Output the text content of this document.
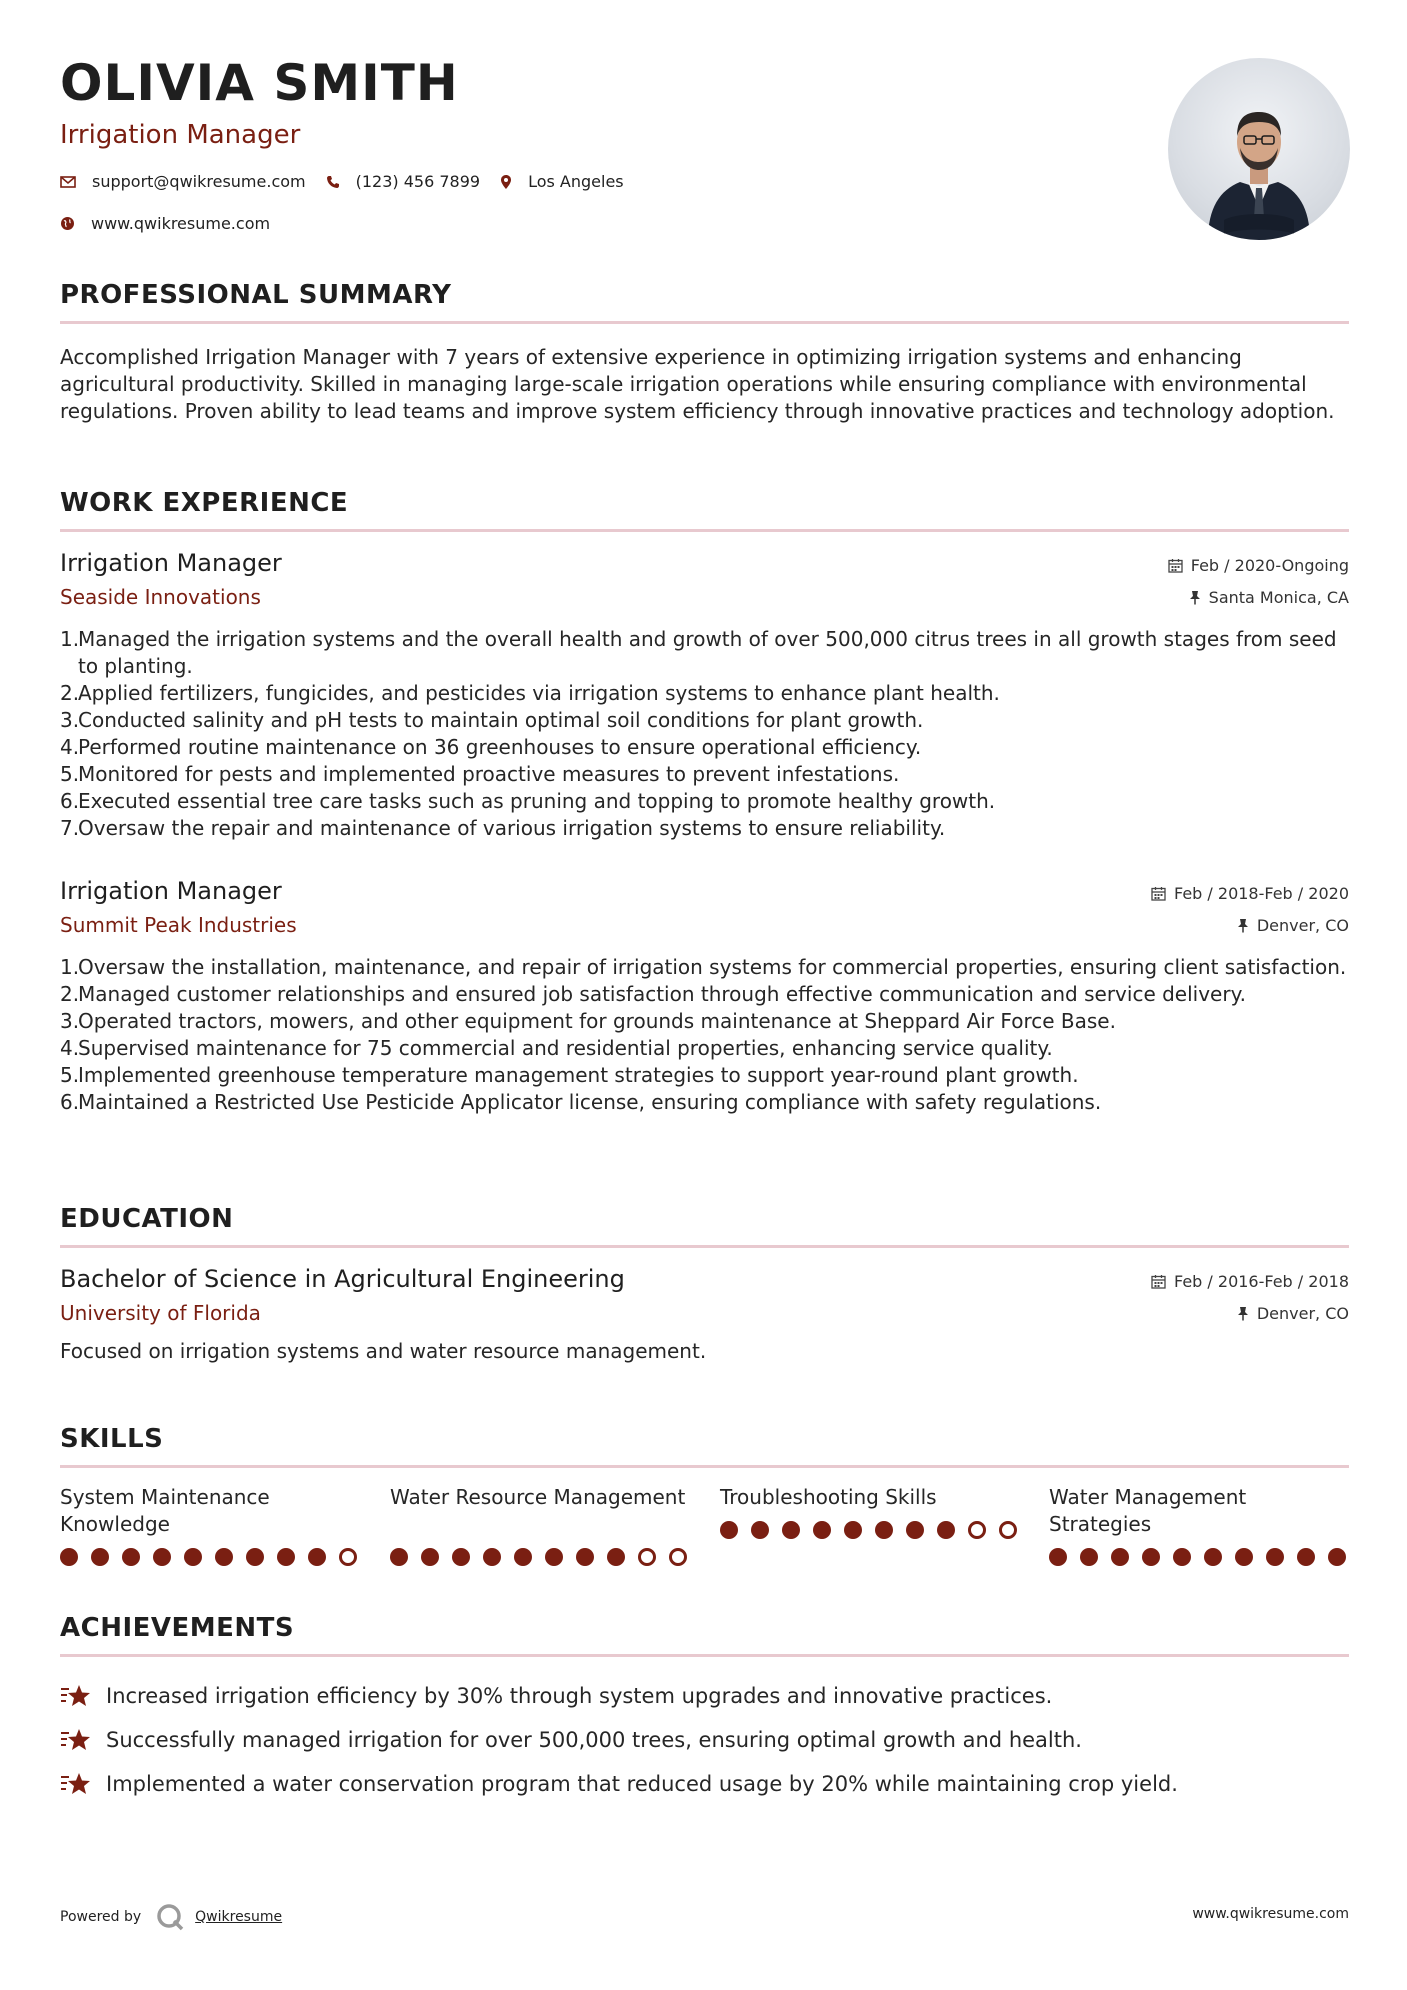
OLIVIA SMITH
Irrigation Manager
support@qwikresume.com	(123) 456 7899	Los Angeles
www.qwikresume.com
PROFESSIONAL SUMMARY

Accomplished Irrigation Manager with 7 years of extensive experience in optimizing irrigation systems and enhancing agricultural productivity. Skilled in managing large-scale irrigation operations while ensuring compliance with environmental regulations. Proven ability to lead teams and improve system efficiency through innovative practices and technology adoption.

WORK EXPERIENCE
Irrigation Manager
Seaside Innovations
Feb / 2020-Ongoing
Santa Monica, CA
1.
Managed the irrigation systems and the overall health and growth of over 500,000 citrus trees in all growth stages from seed to planting.
2.
Applied fertilizers, fungicides, and pesticides via irrigation systems to enhance plant health.
3.
Conducted salinity and pH tests to maintain optimal soil conditions for plant growth.
4.
Performed routine maintenance on 36 greenhouses to ensure operational efficiency.
5.
Monitored for pests and implemented proactive measures to prevent infestations.
6.
Executed essential tree care tasks such as pruning and topping to promote healthy growth.
7.
Oversaw the repair and maintenance of various irrigation systems to ensure reliability.
Irrigation Manager
Summit Peak Industries
Feb / 2018-Feb / 2020
Denver, CO
1.
Oversaw the installation, maintenance, and repair of irrigation systems for commercial properties, ensuring client satisfaction.
2.
Managed customer relationships and ensured job satisfaction through effective communication and service delivery.
3.
Operated tractors, mowers, and other equipment for grounds maintenance at Sheppard Air Force Base.
4.
Supervised maintenance for 75 commercial and residential properties, enhancing service quality.
5.
Implemented greenhouse temperature management strategies to support year-round plant growth.
6.
Maintained a Restricted Use Pesticide Applicator license, ensuring compliance with safety regulations.
EDUCATION
Bachelor of Science in Agricultural Engineering
University of Florida
Feb / 2016-Feb / 2018
Denver, CO
Focused on irrigation systems and water resource management.
SKILLS
System Maintenance Knowledge
Water Resource Management Troubleshooting Skills	Water Management Strategies
ACHIEVEMENTS
Increased irrigation efficiency by 30% through system upgrades and innovative practices.
Successfully managed irrigation for over 500,000 trees, ensuring optimal growth and health.
Implemented a water conservation program that reduced usage by 20% while maintaining crop yield.
Powered by	Qwikresume	www.qwikresume.com
